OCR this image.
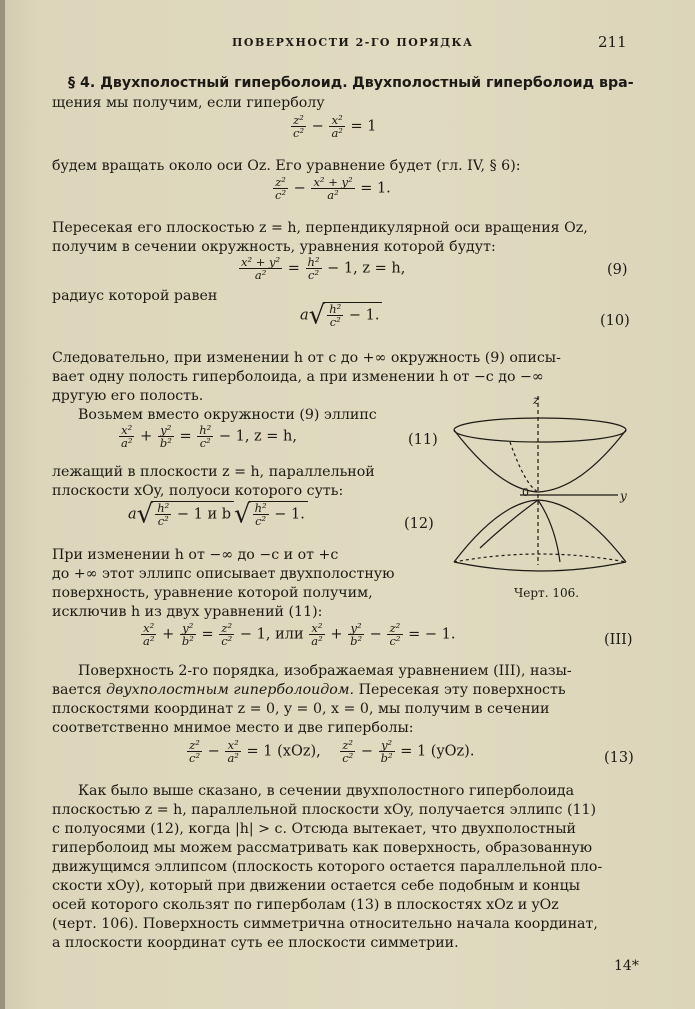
ПОВЕРХНОСТИ 2-ГО ПОРЯДКА	211
§ 4. Двухполостный гиперболоид. Двухполостный гиперболоид вра-
щения мы получим, если гиперболу
$\frac{\text{z²}}{\text{c²}} - \frac{\text{x²}}{\text{a²}} = 1$
будем вращать около оси Oz. Его уравнение будет (гл. IV, § 6):
$\frac{\text{z²}}{\text{c²}} - \frac{\text{x² + y²}}{\text{a²}} = 1$.
Пересекая его плоскостью z = h, перпендикулярной оси вращения Oz,
получим в сечении окружность, уравнения которой будут:
$\frac{\text{x² + y²}}{\text{a²}} = \frac{\text{h²}}{\text{c²}} - 1$, z = h,	(9)
радиус которой равен
$a√ \frac{\text{h²}}{\text{c²}} - 1$.	(10)
Следовательно, при изменении h от c до +∞ окружность (9) описы-
вает одну полость гиперболоида, а при изменении h от −c до −∞
другую его полость.
Возьмем вместо окружности (9) эллипс
$\frac{\text{x²}}{\text{a²}} + \frac{\text{y²}}{\text{b²}} = \frac{\text{h²}}{\text{c²}} - 1$, z = h,	(11)
лежащий в плоскости z = h, параллельной
плоскости xOy, полуоси которого суть:
$a√ \frac{\text{h²}}{\text{c²}} - 1$ и b √ $\frac{\text{h²}}{\text{c²}} - 1$.
(12)
При изменении h от −∞ до −c и от +c
до +∞ этот эллипс описывает двухполостную
поверхность, уравнение которой получим,
исключив h из двух уравнений (11):
z
y
0
Черт. 106.
$\frac{\text{x²}}{\text{a²}} + \frac{\text{y²}}{\text{b²}} = \frac{\text{z²}}{\text{c²}} - 1$, или $\frac{\text{x²}}{\text{a²}} + \frac{\text{y²}}{\text{b²}} - \frac{\text{z²}}{\text{c²}}$ = − 1.	(III)
Поверхность 2-го порядка, изображаемая уравнением (III), назы-
вается двухполостным гиперболоидом. Пересекая эту поверхность
плоскостями координат z = 0, y = 0, x = 0, мы получим в сечении
соответственно мнимое место и две гиперболы:
$\frac{\text{z²}}{\text{c²}} - \frac{\text{x²}}{\text{a²}} = 1$ (xOz), $\frac{\text{z²}}{\text{c²}} - \frac{\text{y²}}{\text{b²}} = 1$ (yOz).	(13)
Как было выше сказано, в сечении двухполостного гиперболоида
плоскостью z = h, параллельной плоскости xOy, получается эллипс (11)
с полуосями (12), когда |h| > c. Отсюда вытекает, что двухполостный
гиперболоид мы можем рассматривать как поверхность, образованную
движущимся эллипсом (плоскость которого остается параллельной пло-
скости xOy), который при движении остается себе подобным и концы
осей которого скользят по гиперболам (13) в плоскостях xOz и yOz
(черт. 106). Поверхность симметрична относительно начала координат,
а плоскости координат суть ее плоскости симметрии.
14*
